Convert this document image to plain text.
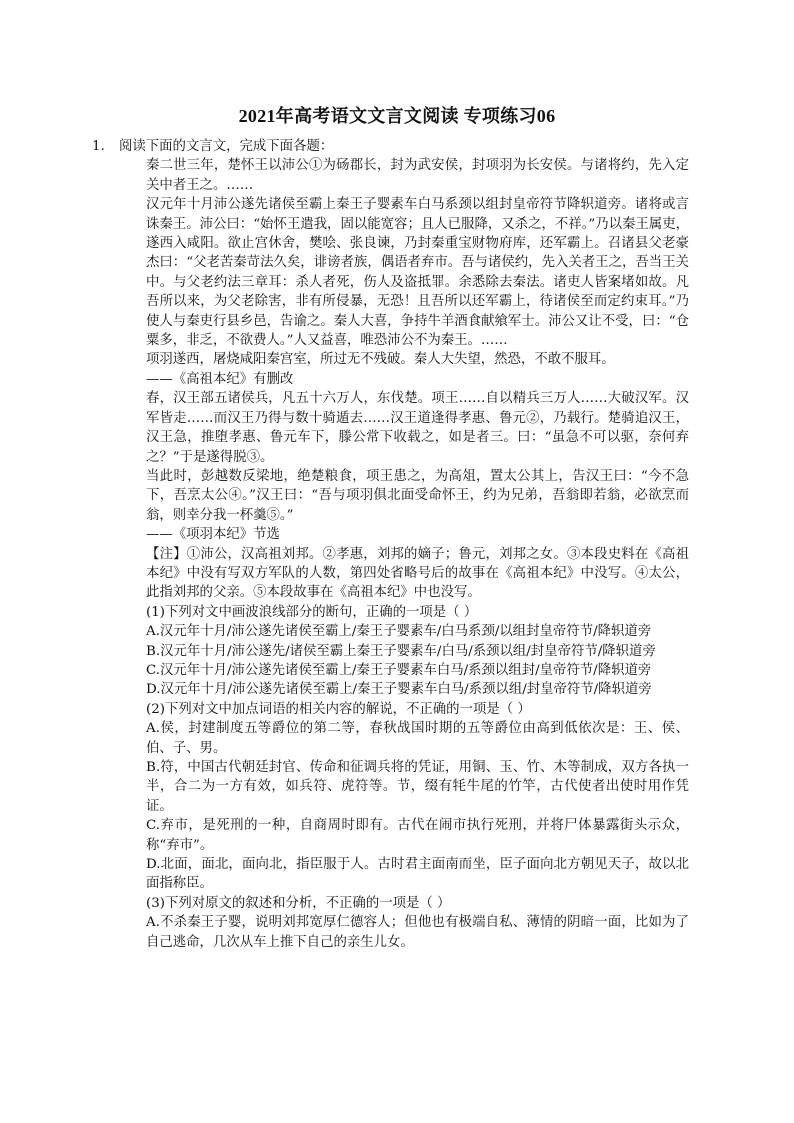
2021年高考语文文言文阅读 专项练习06

1. 阅读下面的文言文，完成下面各题：

秦二世三年，楚怀王以沛公①为砀郡长，封为武安侯，封项羽为长安侯。与诸将约，先入定关中者王之。……

汉元年十月沛公遂先诸侯至霸上秦王子婴素车白马系颈以组封皇帝符节降轵道旁。诸将或言诛秦王。沛公曰：“始怀王遣我，固以能宽容；且人已服降，又杀之，不祥。”乃以秦王属吏，遂西入咸阳。欲止宫休舍，樊哙、张良谏，乃封秦重宝财物府库，还军霸上。召诸县父老豪杰曰：“父老苦秦苛法久矣，诽谤者族，偶语者弃市。吾与诸侯约，先入关者王之，吾当王关中。与父老约法三章耳：杀人者死，伤人及盗抵罪。余悉除去秦法。诸吏人皆案堵如故。凡吾所以来，为父老除害，非有所侵暴，无恐！且吾所以还军霸上，待诸侯至而定约束耳。”乃使人与秦吏行县乡邑，告谕之。秦人大喜，争持牛羊酒食献飨军士。沛公又让不受，曰：“仓粟多，非乏，不欲费人。”人又益喜，唯恐沛公不为秦王。……

项羽遂西，屠烧咸阳秦宫室，所过无不残破。秦人大失望，然恐，不敢不服耳。

——《高祖本纪》有删改

春，汉王部五诸侯兵，凡五十六万人，东伐楚。项王……自以精兵三万人……大破汉军。汉军皆走……而汉王乃得与数十骑遁去……汉王道逢得孝惠、鲁元②，乃载行。楚骑追汉王，汉王急，推堕孝惠、鲁元车下，滕公常下收载之，如是者三。曰：“虽急不可以驱，奈何弃之？”于是遂得脱③。

当此时，彭越数反梁地，绝楚粮食，项王患之，为高俎，置太公其上，告汉王曰：“今不急下，吾烹太公④。”汉王曰：“吾与项羽俱北面受命怀王，约为兄弟，吾翁即若翁，必欲烹而翁，则幸分我一杯羹⑤。”

——《项羽本纪》节选

【注】①沛公，汉高祖刘邦。②孝惠，刘邦的嫡子；鲁元，刘邦之女。③本段史料在《高祖本纪》中没有写双方军队的人数，第四处省略号后的故事在《高祖本纪》中没写。④太公，此指刘邦的父亲。⑤本段故事在《高祖本纪》中也没写。

(1)下列对文中画波浪线部分的断句，正确的一项是（ ）

A.汉元年十月/沛公遂先诸侯至霸上/秦王子婴素车/白马系颈/以组封皇帝符节/降轵道旁

B.汉元年十月/沛公遂先/诸侯至霸上秦王子婴素车/白马/系颈以组/封皇帝符节/降轵道旁

C.汉元年十月/沛公遂先诸侯至霸上/秦王子婴素车白马/系颈以组封/皇帝符节/降轵道旁

D.汉元年十月/沛公遂先诸侯至霸上/秦王子婴素车白马/系颈以组/封皇帝符节/降轵道旁

(2)下列对文中加点词语的相关内容的解说，不正确的一项是（ ）

A.侯，封建制度五等爵位的第二等，春秋战国时期的五等爵位由高到低依次是：王、侯、伯、子、男。

B.符，中国古代朝廷封官、传命和征调兵将的凭证，用铜、玉、竹、木等制成，双方各执一半，合二为一方有效，如兵符、虎符等。节，缀有牦牛尾的竹竿，古代使者出使时用作凭证。

C.弃市，是死刑的一种，自商周时即有。古代在闹市执行死刑，并将尸体暴露街头示众，称“弃市”。

D.北面，面北，面向北，指臣服于人。古时君主面南而坐，臣子面向北方朝见天子，故以北面指称臣。

(3)下列对原文的叙述和分析，不正确的一项是（ ）

A.不杀秦王子婴，说明刘邦宽厚仁德容人；但他也有极端自私、薄情的阴暗一面，比如为了自己逃命，几次从车上推下自己的亲生儿女。
